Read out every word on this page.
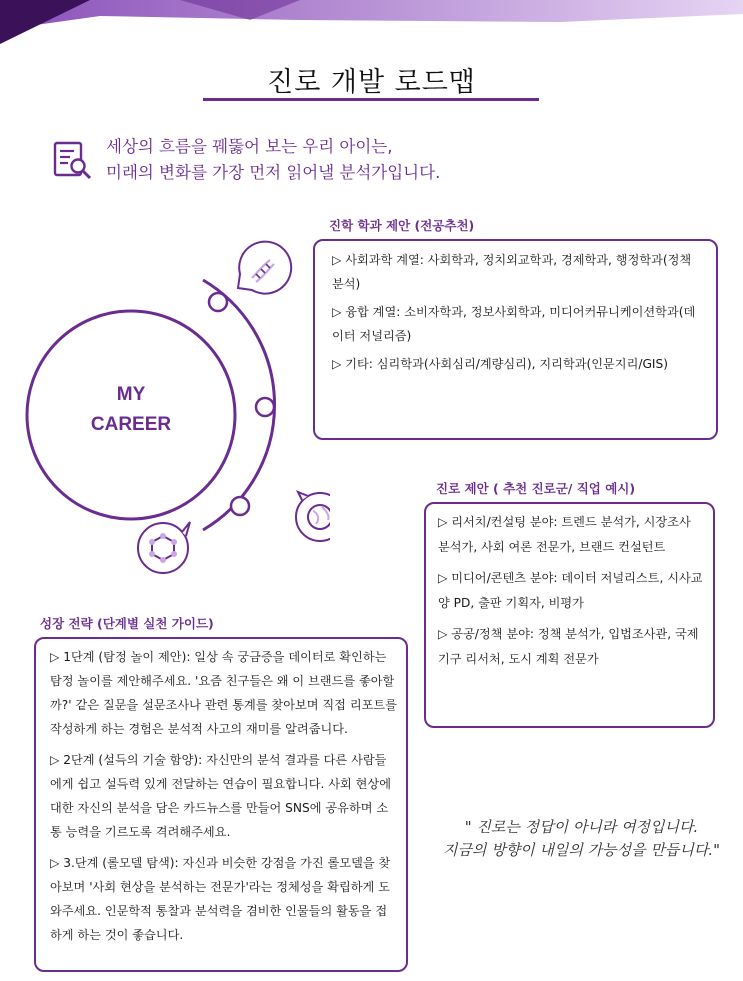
진로 개발 로드맵
세상의 흐름을 꿰뚫어 보는 우리 아이는,
미래의 변화를 가장 먼저 읽어낼 분석가입니다.
MY
CAREER
진학 학과 제안 (전공추천)

▷ 사회과학 계열: 사회학과, 정치외교학과, 경제학과, 행정학과(정책 분석)

▷ 융합 계열: 소비자학과, 정보사회학과, 미디어커뮤니케이션학과(데이터 저널리즘)

▷ 기타: 심리학과(사회심리/계량심리), 지리학과(인문지리/GIS)

진로 제안 ( 추천 진로군/ 직업 예시)

▷ 리서치/컨설팅 분야: 트렌드 분석가, 시장조사 분석가, 사회 여론 전문가, 브랜드 컨설턴트

▷ 미디어/콘텐츠 분야: 데이터 저널리스트, 시사교양 PD, 출판 기획자, 비평가

▷ 공공/정책 분야: 정책 분석가, 입법조사관, 국제기구 리서처, 도시 계획 전문가

성장 전략 (단계별 실천 가이드)

▷ 1단계 (탐정 놀이 제안): 일상 속 궁금증을 데이터로 확인하는 탐정 놀이를 제안해주세요. '요즘 친구들은 왜 이 브랜드를 좋아할까?' 같은 질문을 설문조사나 관련 통계를 찾아보며 직접 리포트를 작성하게 하는 경험은 분석적 사고의 재미를 알려줍니다.

▷ 2단계 (설득의 기술 함양): 자신만의 분석 결과를 다른 사람들에게 쉽고 설득력 있게 전달하는 연습이 필요합니다. 사회 현상에 대한 자신의 분석을 담은 카드뉴스를 만들어 SNS에 공유하며 소통 능력을 기르도록 격려해주세요.

▷ 3.단계 (롤모델 탐색): 자신과 비슷한 강점을 가진 롤모델을 찾아보며 '사회 현상을 분석하는 전문가'라는 정체성을 확립하게 도와주세요. 인문학적 통찰과 분석력을 겸비한 인물들의 활동을 접하게 하는 것이 좋습니다.

" 진로는 정답이 아니라 여정입니다.
지금의 방향이 내일의 가능성을 만듭니다."
